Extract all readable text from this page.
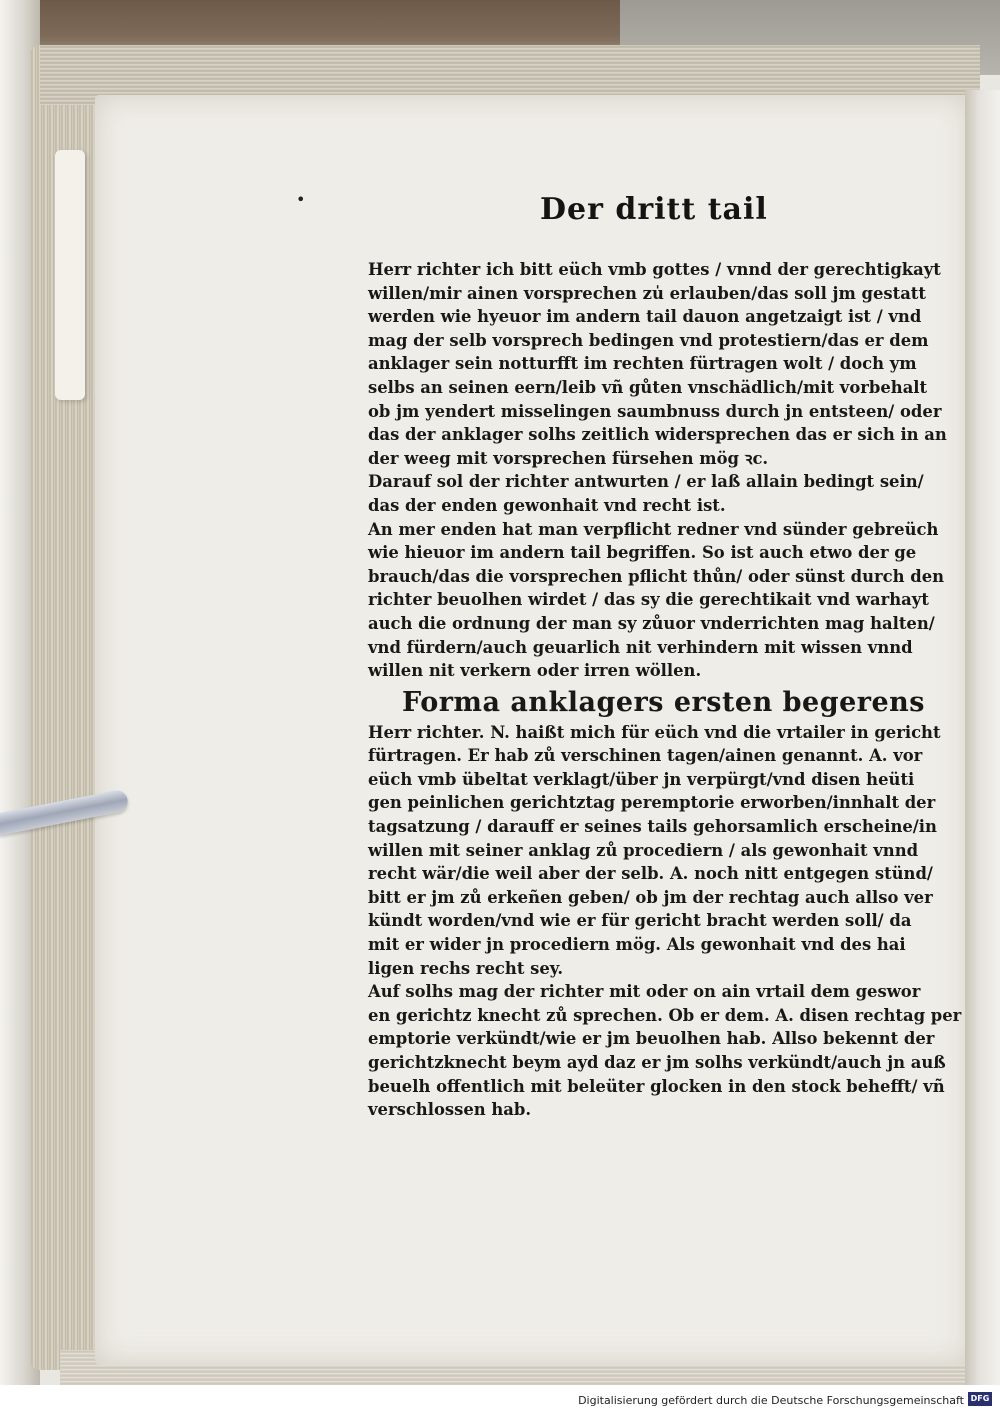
•	Der dritt tail
Herr richter ich bitt eüch vmb gottes / vnnd der gerechtigkayt
willen/mir ainen vorsprechen zu̍ erlauben/das soll jm gestatt
werden wie hyeuor im andern tail dauon angetzaigt ist / vnd
mag der selb vorsprech bedingen vnd protestiern/das er dem
anklager sein notturfft im rechten fürtragen wolt / doch ym
selbs an seinen eern/leib vñ gůten vnschädlich/mit vorbehalt
ob jm yendert misselingen saumbnuss durch jn entsteen/ oder
das der anklager solhs zeitlich widersprechen das er sich in an
der weeg mit vorsprechen fürsehen mög ꝛc.
Darauf sol der richter antwurten / er laß allain bedingt sein/
das der enden gewonhait vnd recht ist.
An mer enden hat man verpflicht redner vnd sünder gebreüch
wie hieuor im andern tail begriffen. So ist auch etwo der ge
brauch/das die vorsprechen pflicht thůn/ oder sünst durch den
richter beuolhen wirdet / das sy die gerechtikait vnd warhayt
auch die ordnung der man sy zůuor vnderrichten mag halten/
vnd fürdern/auch geuarlich nit verhindern mit wissen vnnd
willen nit verkern oder irren wöllen.
Forma anklagers ersten begerens
Herr richter. N. haißt mich für eüch vnd die vrtailer in gericht
fürtragen. Er hab zů verschinen tagen/ainen genannt. A. vor
eüch vmb übeltat verklagt/über jn verpürgt/vnd disen heüti
gen peinlichen gerichtztag peremptorie erworben/innhalt der
tagsatzung / darauff er seines tails gehorsamlich erscheine/in
willen mit seiner anklag zů procediern / als gewonhait vnnd
recht wär/die weil aber der selb. A. noch nitt entgegen stünd/
bitt er jm zů erkeñen geben/ ob jm der rechtag auch allso ver
kündt worden/vnd wie er für gericht bracht werden soll/ da
mit er wider jn procediern mög. Als gewonhait vnd des hai
ligen rechs recht sey.
Auf solhs mag der richter mit oder on ain vrtail dem geswor
en gerichtz knecht zů sprechen. Ob er dem. A. disen rechtag per
emptorie verkündt/wie er jm beuolhen hab. Allso bekennt der
gerichtzknecht beym ayd daz er jm solhs verkündt/auch jn auß
beuelh offentlich mit beleüter glocken in den stock behefft/ vñ
verschlossen hab.
Digitalisierung gefördert durch die Deutsche Forschungsgemeinschaft DFG
